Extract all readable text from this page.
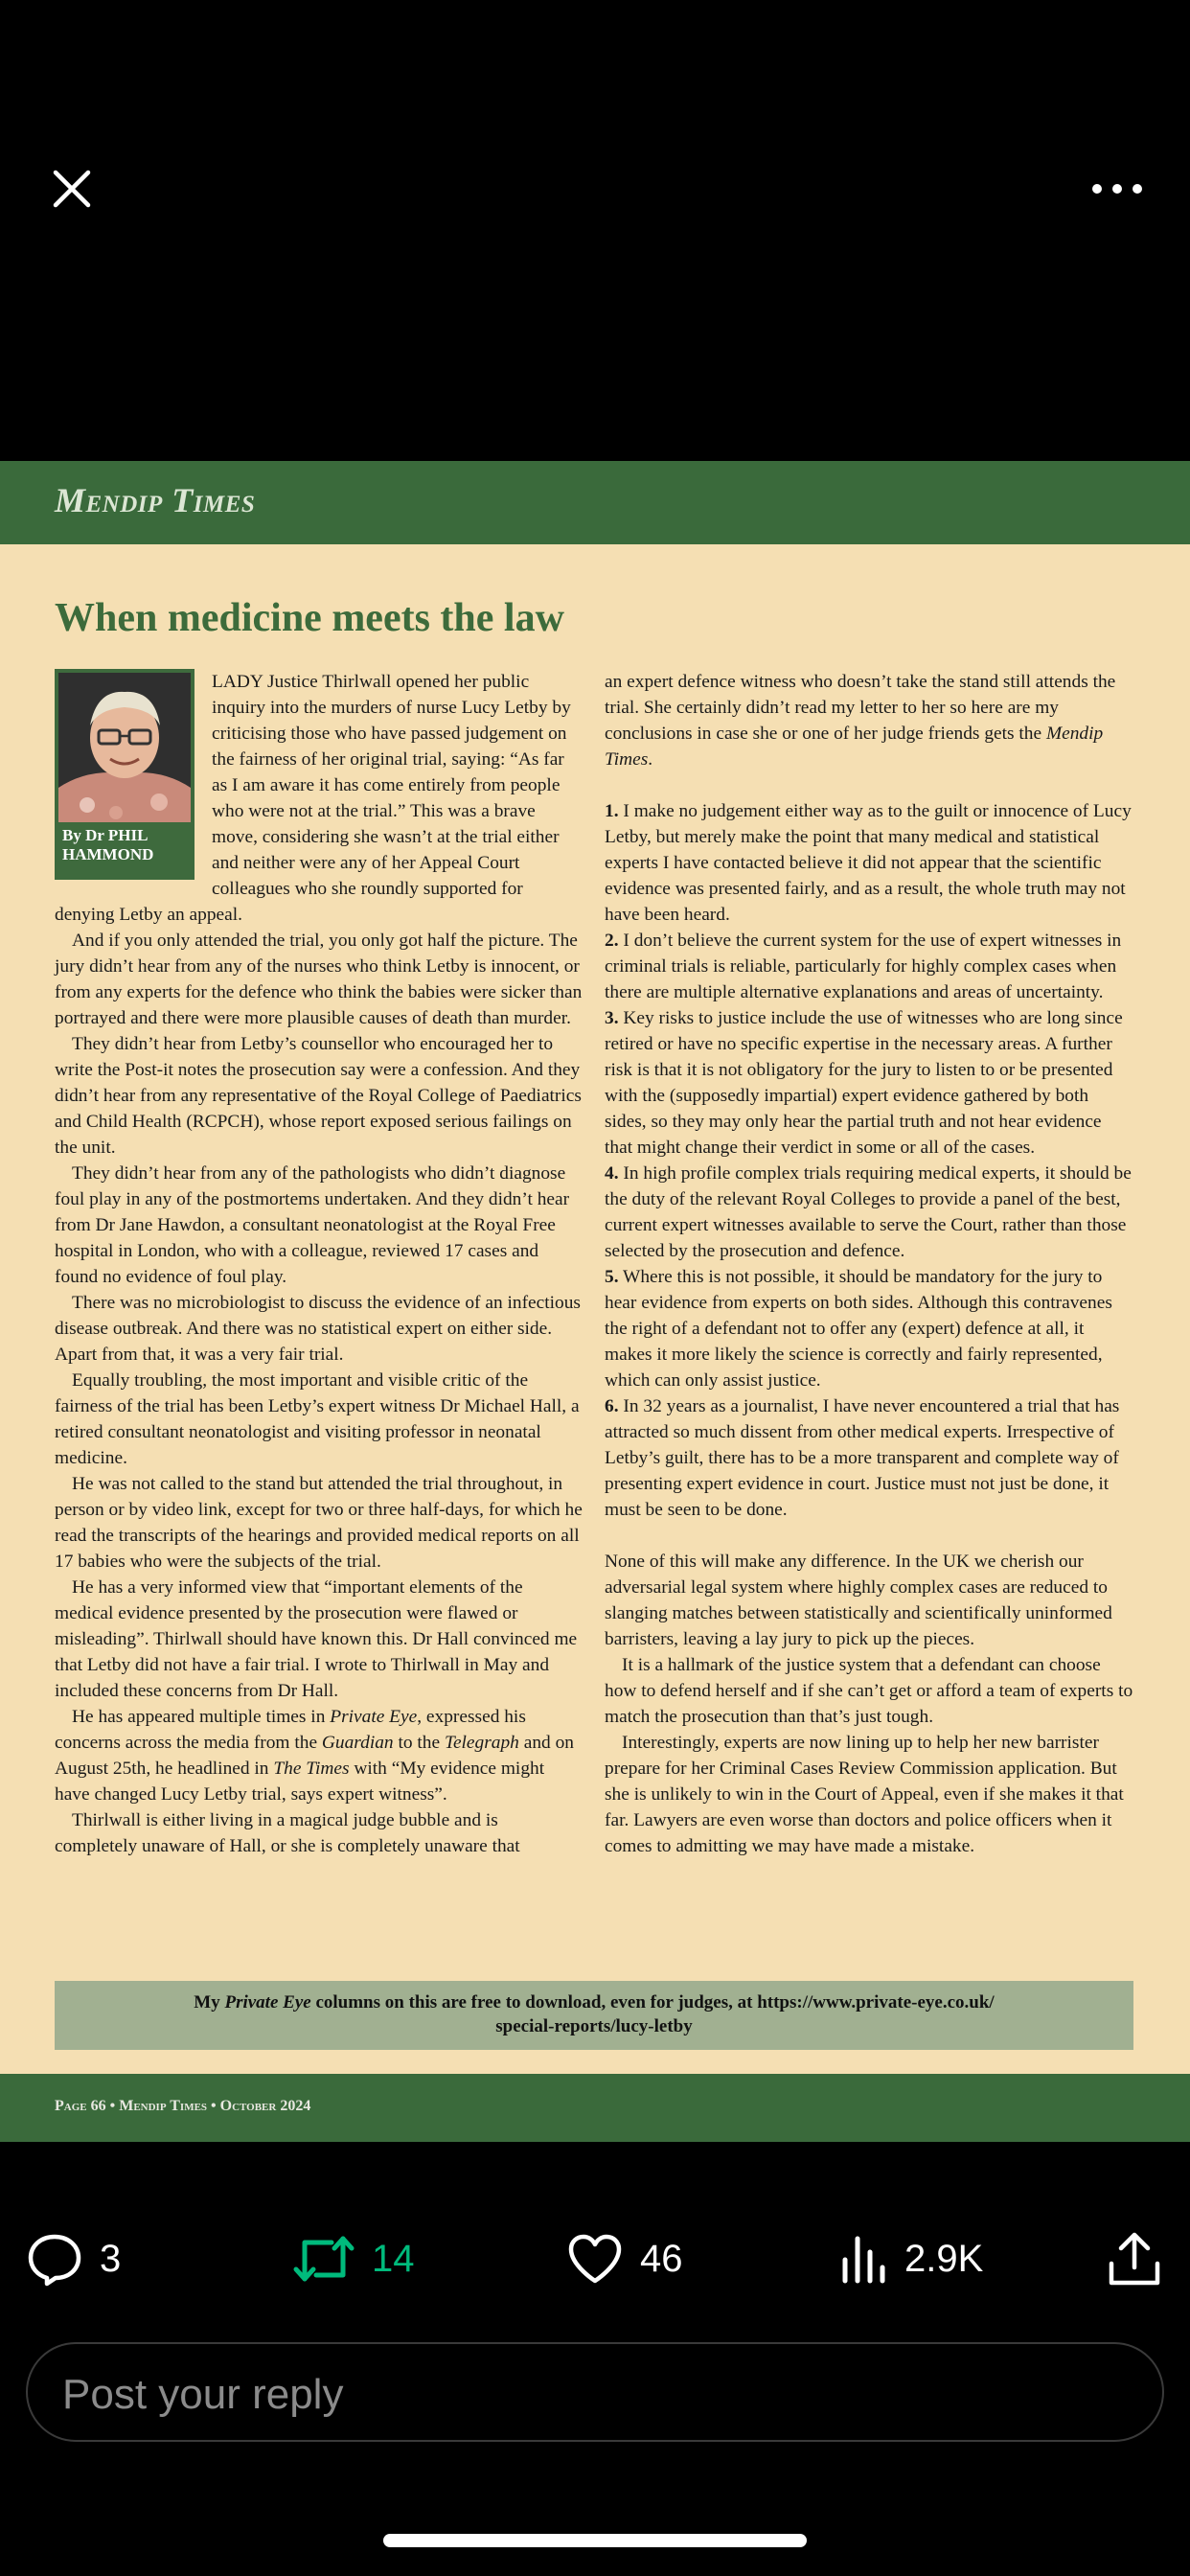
Mendip Times
When medicine meets the law
By Dr PHIL HAMMOND

LADY Justice Thirlwall opened her public inquiry into the murders of nurse Lucy Letby by criticising those who have passed judgement on the fairness of her original trial, saying: “As far as I am aware it has come entirely from people who were not at the trial.” This was a brave move, considering she wasn’t at the trial either and neither were any of her Appeal Court colleagues who she roundly supported for denying Letby an appeal.

And if you only attended the trial, you only got half the picture. The jury didn’t hear from any of the nurses who think Letby is innocent, or from any experts for the defence who think the babies were sicker than portrayed and there were more plausible causes of death than murder.

They didn’t hear from Letby’s counsellor who encouraged her to write the Post-it notes the prosecution say were a confession. And they didn’t hear from any representative of the Royal College of Paediatrics and Child Health (RCPCH), whose report exposed serious failings on the unit.

They didn’t hear from any of the pathologists who didn’t diagnose foul play in any of the postmortems undertaken. And they didn’t hear from Dr Jane Hawdon, a consultant neonatologist at the Royal Free hospital in London, who with a colleague, reviewed 17 cases and found no evidence of foul play.

There was no microbiologist to discuss the evidence of an infectious disease outbreak. And there was no statistical expert on either side. Apart from that, it was a very fair trial.

Equally troubling, the most important and visible critic of the fairness of the trial has been Letby’s expert witness Dr Michael Hall, a retired consultant neonatologist and visiting professor in neonatal medicine.

He was not called to the stand but attended the trial throughout, in person or by video link, except for two or three half-days, for which he read the transcripts of the hearings and provided medical reports on all 17 babies who were the subjects of the trial.

He has a very informed view that “important elements of the medical evidence presented by the prosecution were flawed or misleading”. Thirlwall should have known this. Dr Hall convinced me that Letby did not have a fair trial. I wrote to Thirlwall in May and included these concerns from Dr Hall.

He has appeared multiple times in Private Eye, expressed his concerns across the media from the Guardian to the Telegraph and on August 25th, he headlined in The Times with “My evidence might have changed Lucy Letby trial, says expert witness”.

Thirlwall is either living in a magical judge bubble and is completely unaware of Hall, or she is completely unaware that

an expert defence witness who doesn’t take the stand still attends the trial. She certainly didn’t read my letter to her so here are my conclusions in case she or one of her judge friends gets the Mendip Times.

1. I make no judgement either way as to the guilt or innocence of Lucy Letby, but merely make the point that many medical and statistical experts I have contacted believe it did not appear that the scientific evidence was presented fairly, and as a result, the whole truth may not have been heard.

2. I don’t believe the current system for the use of expert witnesses in criminal trials is reliable, particularly for highly complex cases when there are multiple alternative explanations and areas of uncertainty.

3. Key risks to justice include the use of witnesses who are long since retired or have no specific expertise in the necessary areas. A further risk is that it is not obligatory for the jury to listen to or be presented with the (supposedly impartial) expert evidence gathered by both sides, so they may only hear the partial truth and not hear evidence that might change their verdict in some or all of the cases.

4. In high profile complex trials requiring medical experts, it should be the duty of the relevant Royal Colleges to provide a panel of the best, current expert witnesses available to serve the Court, rather than those selected by the prosecution and defence.

5. Where this is not possible, it should be mandatory for the jury to hear evidence from experts on both sides. Although this contravenes the right of a defendant not to offer any (expert) defence at all, it makes it more likely the science is correctly and fairly represented, which can only assist justice.

6. In 32 years as a journalist, I have never encountered a trial that has attracted so much dissent from other medical experts. Irrespective of Letby’s guilt, there has to be a more transparent and complete way of presenting expert evidence in court. Justice must not just be done, it must be seen to be done.

None of this will make any difference. In the UK we cherish our adversarial legal system where highly complex cases are reduced to slanging matches between statistically and scientifically uninformed barristers, leaving a lay jury to pick up the pieces.

It is a hallmark of the justice system that a defendant can choose how to defend herself and if she can’t get or afford a team of experts to match the prosecution than that’s just tough.

Interestingly, experts are now lining up to help her new barrister prepare for her Criminal Cases Review Commission application. But she is unlikely to win in the Court of Appeal, even if she makes it that far. Lawyers are even worse than doctors and police officers when it comes to admitting we may have made a mistake.

My Private Eye columns on this are free to download, even for judges, at https://www.private-eye.co.uk/
special-reports/lucy-letby
Page 66 • Mendip Times • October 2024
3	14	46	2.9K
Post your reply
